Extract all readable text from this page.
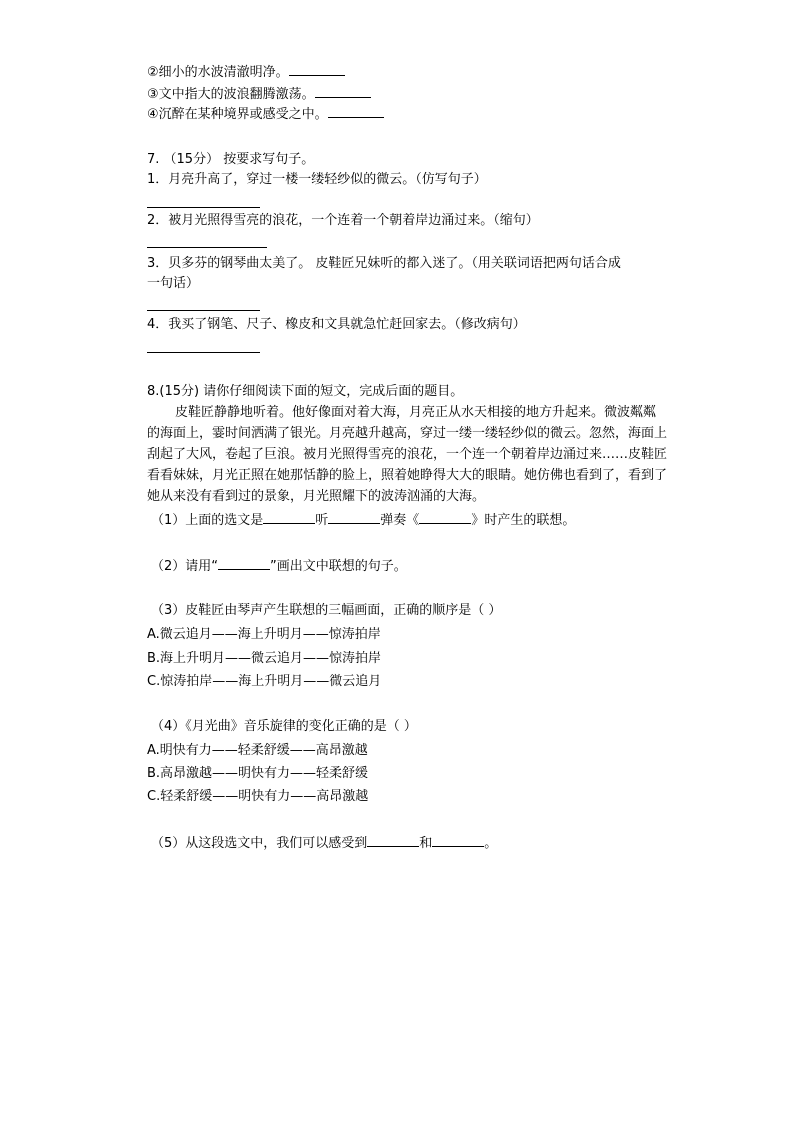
②细小的水波清澈明净。
③文中指大的波浪翻腾激荡。
④沉醉在某种境界或感受之中。
7. （15分） 按要求写句子。
1．月亮升高了，穿过一楼一缕轻纱似的微云。（仿写句子）
2．被月光照得雪亮的浪花，一个连着一个朝着岸边涌过来。（缩句）
3．贝多芬的钢琴曲太美了。 皮鞋匠兄妹听的都入迷了。（用关联词语把两句话合成
一句话）
4．我买了钢笔、尺子、橡皮和文具就急忙赶回家去。（修改病句）
8.(15分) 请你仔细阅读下面的短文，完成后面的题目。
皮鞋匠静静地听着。他好像面对着大海，月亮正从水天相接的地方升起来。微波粼粼的海面上，霎时间洒满了银光。月亮越升越高，穿过一缕一缕轻纱似的微云。忽然，海面上刮起了大风，卷起了巨浪。被月光照得雪亮的浪花，一个连一个朝着岸边涌过来……皮鞋匠看看妹妹，月光正照在她那恬静的脸上，照着她睁得大大的眼睛。她仿佛也看到了，看到了她从来没有看到过的景象，月光照耀下的波涛汹涌的大海。
（1）上面的选文是	听	弹奏《	》时产生的联想。
（2）请用“	”画出文中联想的句子。
（3）皮鞋匠由琴声产生联想的三幅画面，正确的顺序是（ ）
A.微云追月——海上升明月——惊涛拍岸
B.海上升明月——微云追月——惊涛拍岸
C.惊涛拍岸——海上升明月——微云追月
（4）《月光曲》音乐旋律的变化正确的是（ ）
A.明快有力——轻柔舒缓——高昂激越
B.高昂激越——明快有力——轻柔舒缓
C.轻柔舒缓——明快有力——高昂激越
（5）从这段选文中，我们可以感受到	和	。
